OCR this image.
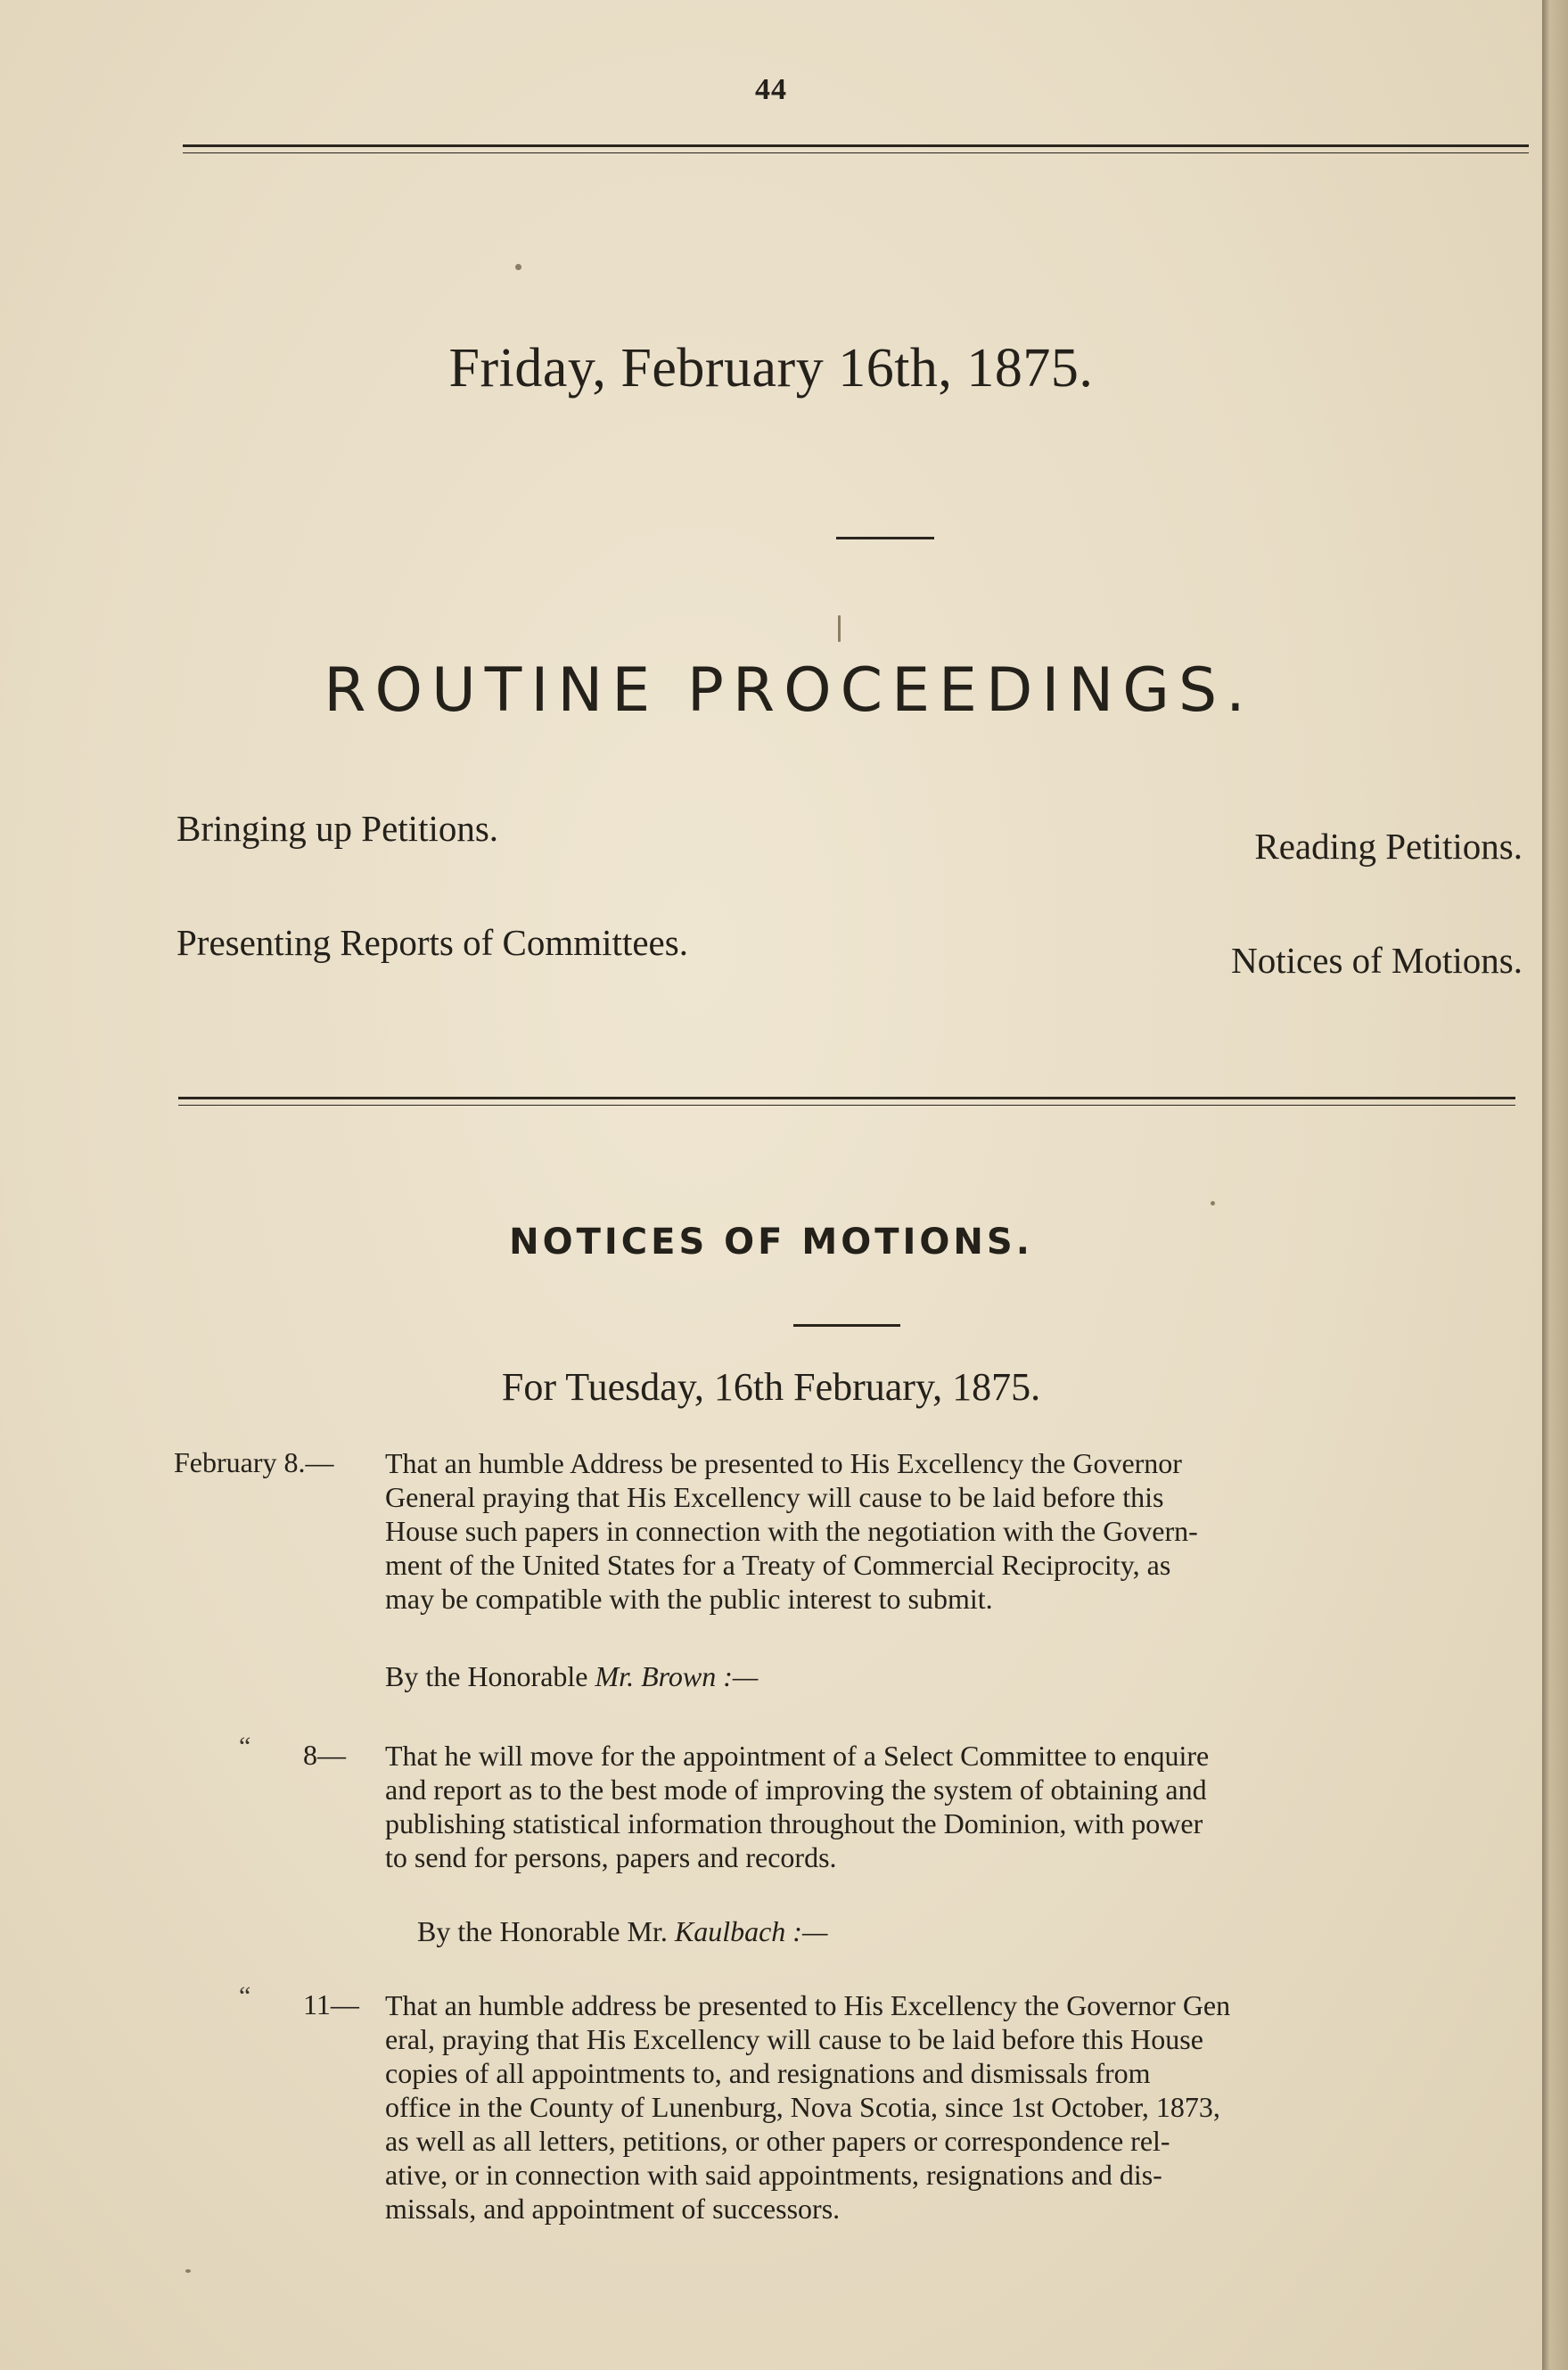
44
Friday, February 16th, 1875.
ROUTINE PROCEEDINGS.
Bringing up Petitions.	Reading Petitions.
Presenting Reports of Committees.	Notices of Motions.
NOTICES OF MOTIONS.
For Tuesday, 16th February, 1875.
February 8.— That an humble Address be presented to His Excellency the Governor
General praying that His Excellency will cause to be laid before this
House such papers in connection with the negotiation with the Govern-
ment of the United States for a Treaty of Commercial Reciprocity, as
may be compatible with the public interest to submit.
By the Honorable Mr. Brown :—
“ 8— That he will move for the appointment of a Select Committee to enquire
and report as to the best mode of improving the system of obtaining and
publishing statistical information throughout the Dominion, with power
to send for persons, papers and records.
By the Honorable Mr. Kaulbach :—
“ 11— That an humble address be presented to His Excellency the Governor Gen
eral, praying that His Excellency will cause to be laid before this House
copies of all appointments to, and resignations and dismissals from
office in the County of Lunenburg, Nova Scotia, since 1st October, 1873,
as well as all letters, petitions, or other papers or correspondence rel-
ative, or in connection with said appointments, resignations and dis-
missals, and appointment of successors.
